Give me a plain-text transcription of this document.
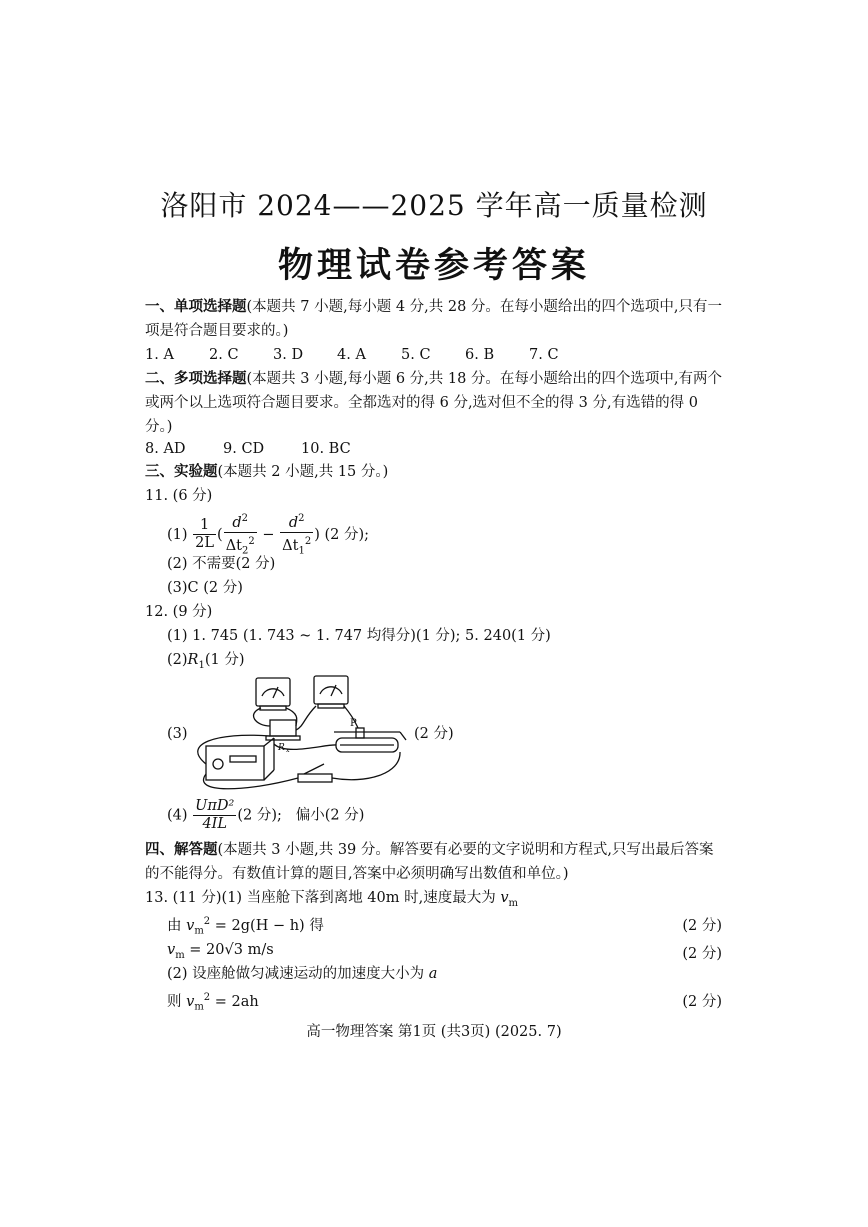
洛阳市 2024——2025 学年高一质量检测
物理试卷参考答案
一、单项选择题(本题共 7 小题,每小题 4 分,共 28 分。在每小题给出的四个选项中,只有一
项是符合题目要求的。)
1. A 2. C 3. D 4. A 5. C 6. B 7. C
二、多项选择题(本题共 3 小题,每小题 6 分,共 18 分。在每小题给出的四个选项中,有两个
或两个以上选项符合题目要求。全都选对的得 6 分,选对但不全的得 3 分,有选错的得 0
分。)
8. AD	9. CD	10. BC
三、实验题(本题共 2 小题,共 15 分。)
11. (6 分)
$(1) \frac{1}{2L}$ ( $\frac{d^2}{\Delta t_2^2} - \frac{d^2}{\Delta t_1^2}$ ) (2 分);
(2) 不需要(2 分)
(3)C (2 分)
12. (9 分)
(1) 1. 745 (1. 743 ~ 1. 747 均得分)(1 分); 5. 240(1 分)
$(2)R_1(1$ 分)
(3)
P
R x
(2 分)
$(4) \frac{\text{UπD²}}{4IL} (2$ 分); 偏小(2 分)
四、解答题(本题共 3 小题,共 39 分。解答要有必要的文字说明和方程式,只写出最后答案
的不能得分。有数值计算的题目,答案中必须明确写出数值和单位。)
13. (11 分)(1) 当座舱下落到离地 40m 时,速度最大为 $v_m$
由 $v_m^2 = 2g(H - h)$ 得	(2 分)
$v_m = 20√3$ m/s	(2 分)
(2) 设座舱做匀减速运动的加速度大小为 a
则 $v_m^2 = 2ah$	(2 分)
高一物理答案 第1页 (共3页) (2025. 7)
